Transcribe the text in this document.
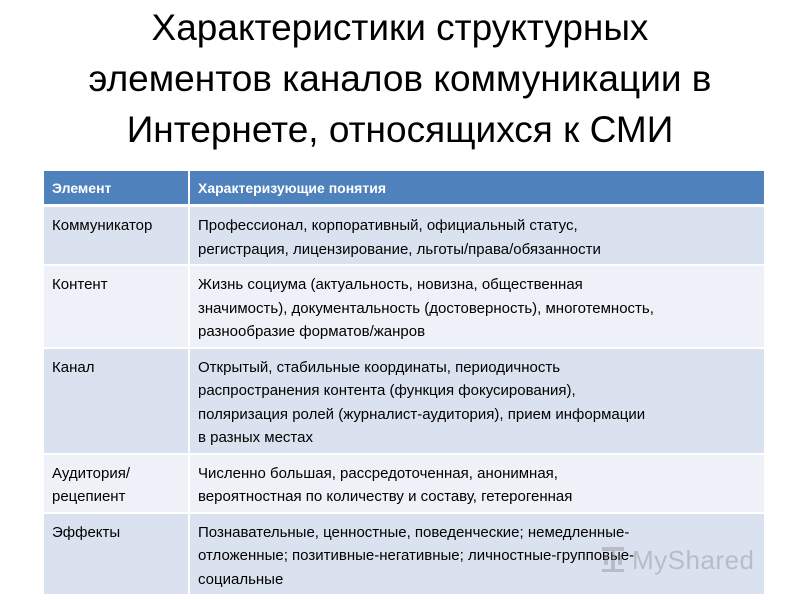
Характеристики структурных
элементов каналов коммуникации в
Интернете, относящихся к СМИ
Элемент	Характеризующие понятия
Коммуникатор	Профессионал, корпоративный, официальный статус,
регистрация, лицензирование, льготы/права/обязанности
Контент	Жизнь социума (актуальность, новизна, общественная
значимость), документальность (достоверность), многотемность,
разнообразие форматов/жанров
Канал	Открытый, стабильные координаты, периодичность
распространения контента (функция фокусирования),
поляризация ролей (журналист-аудитория), прием информации
в разных местах
Аудитория/
рецепиент	Численно большая, рассредоточенная, анонимная,
вероятностная по количеству и составу, гетерогенная
Эффекты	Познавательные, ценностные, поведенческие; немедленные-
отложенные; позитивные-негативные; личностные-групповые-
социальные
MyShared
